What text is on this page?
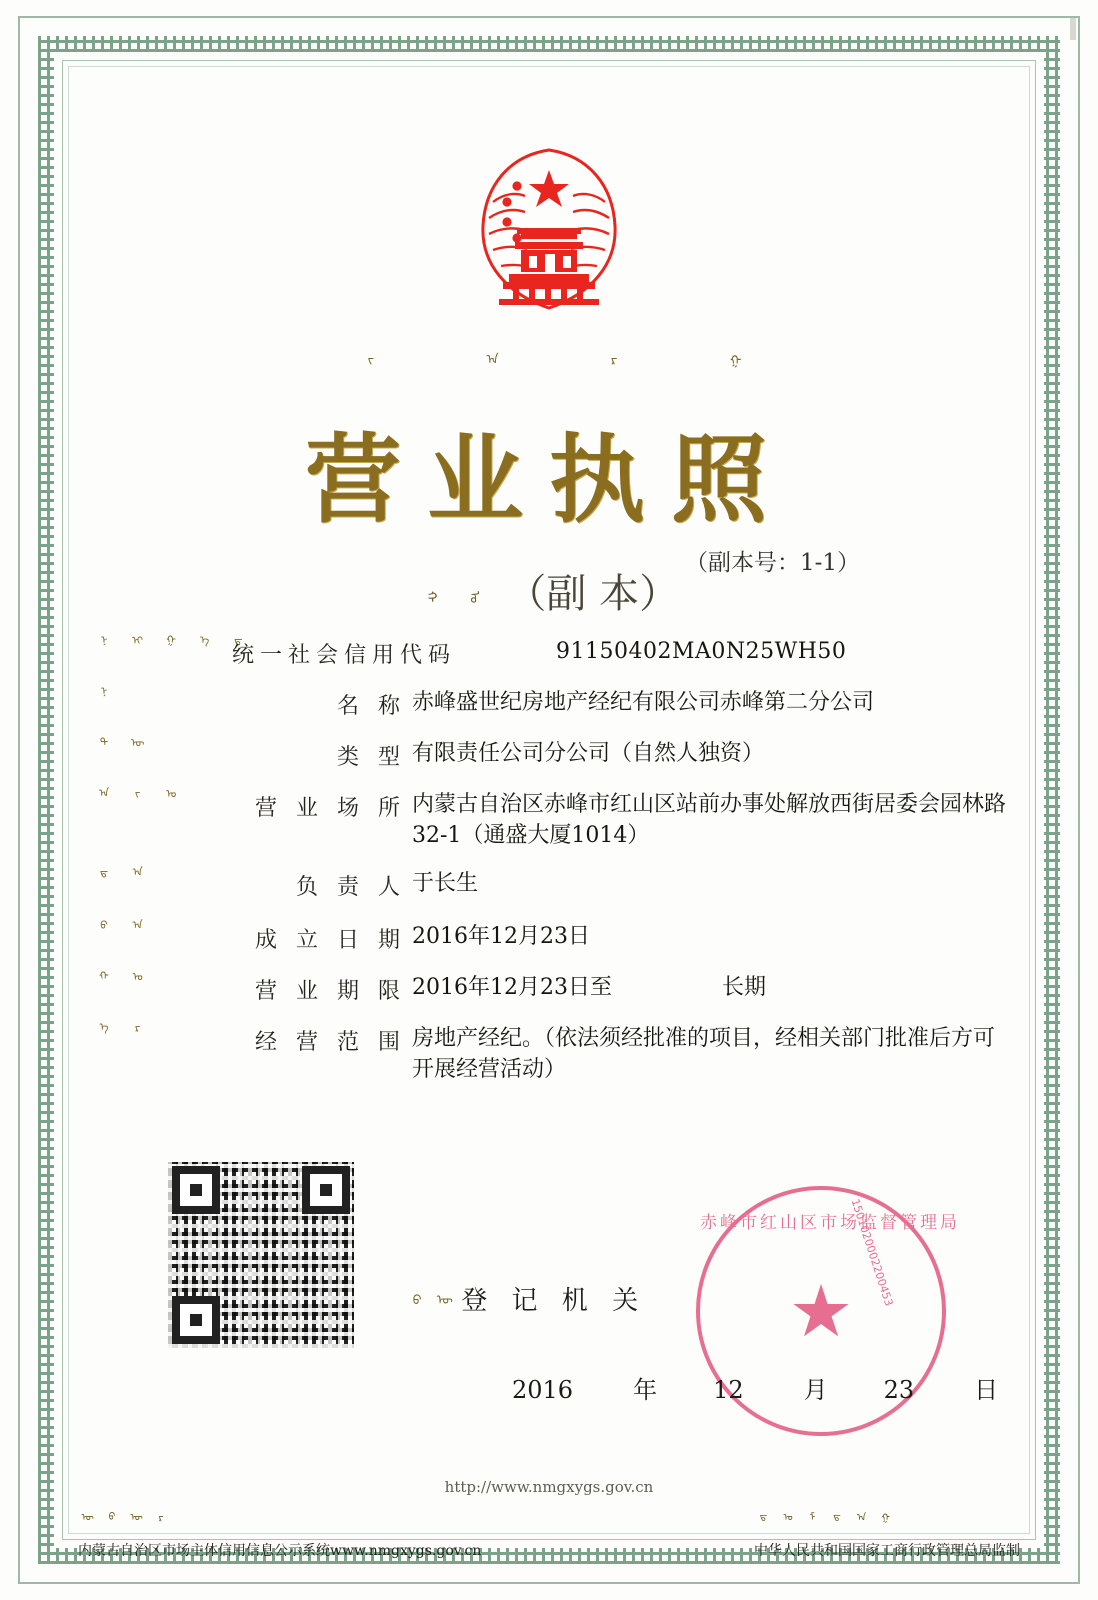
ᠵ	ᠠ	ᠷ	ᠭ
营业执照
（副本号：1-1）
ᠬ ᠤ （副 本）
ᠨ ᠢ ᠭ ᠡ ᠳ
统一社会信用代码	91150402MA0N25WH50
ᠨ
名 称 赤峰盛世纪房地产经纪有限公司赤峰第二分公司
ᠲ ᠥ
类 型 有限责任公司分公司（自然人独资）
ᠠ ᠵ ᠤ
营 业 场 所 内蒙古自治区赤峰市红山区站前办事处解放西街居委会园林路32-1（通盛大厦1014）
ᠳ ᠠ
负 责 人 于长生
ᠪ ᠠ
成 立 日 期 2016年12月23日
ᠬ ᠤ
营 业 期 限 2016年12月23日至	长期
ᠡ ᠷ
经 营 范 围 房地产经纪。（依法须经批准的项目，经相关部门批准后方可开展经营活动）
ᠪ ᠦ 登 记 机 关
赤峰市红山区市场监督管理局
★
1501020002200453
2016	年 12	月 23	日
http://www.nmgxygs.gov.cn
ᠥ ᠪ ᠥ ᠷ
内蒙古自治区市场主体信用信息公示系统www.nmgxygs.gov.cn
ᠳ ᠤ ᠮ ᠳ ᠠ ᠭ
中华人民共和国国家工商行政管理总局监制
